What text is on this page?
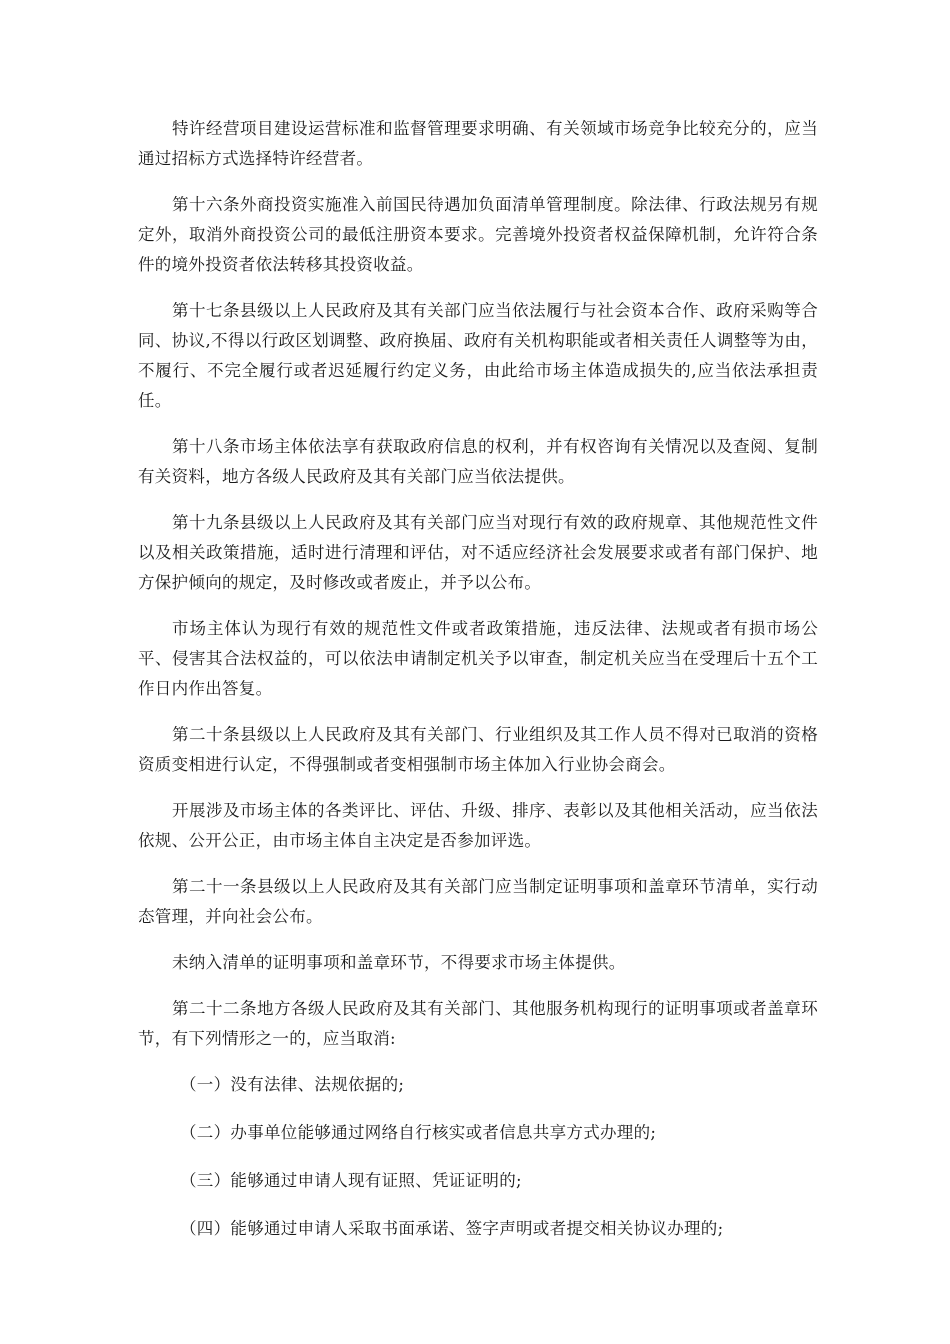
特许经营项目建设运营标准和监督管理要求明确、有关领域市场竞争比较充分的，应当通过招标方式选择特许经营者。

第十六条外商投资实施准入前国民待遇加负面清单管理制度。除法律、行政法规另有规定外，取消外商投资公司的最低注册资本要求。完善境外投资者权益保障机制，允许符合条件的境外投资者依法转移其投资收益。

第十七条县级以上人民政府及其有关部门应当依法履行与社会资本合作、政府采购等合同、协议,不得以行政区划调整、政府换届、政府有关机构职能或者相关责任人调整等为由，不履行、不完全履行或者迟延履行约定义务，由此给市场主体造成损失的,应当依法承担责任。

第十八条市场主体依法享有获取政府信息的权利，并有权咨询有关情况以及查阅、复制有关资料，地方各级人民政府及其有关部门应当依法提供。

第十九条县级以上人民政府及其有关部门应当对现行有效的政府规章、其他规范性文件以及相关政策措施，适时进行清理和评估，对不适应经济社会发展要求或者有部门保护、地方保护倾向的规定，及时修改或者废止，并予以公布。

市场主体认为现行有效的规范性文件或者政策措施，违反法律、法规或者有损市场公平、侵害其合法权益的，可以依法申请制定机关予以审查，制定机关应当在受理后十五个工作日内作出答复。

第二十条县级以上人民政府及其有关部门、行业组织及其工作人员不得对已取消的资格资质变相进行认定，不得强制或者变相强制市场主体加入行业协会商会。

开展涉及市场主体的各类评比、评估、升级、排序、表彰以及其他相关活动，应当依法依规、公开公正，由市场主体自主决定是否参加评选。

第二十一条县级以上人民政府及其有关部门应当制定证明事项和盖章环节清单，实行动态管理，并向社会公布。

未纳入清单的证明事项和盖章环节，不得要求市场主体提供。

第二十二条地方各级人民政府及其有关部门、其他服务机构现行的证明事项或者盖章环节，有下列情形之一的，应当取消:

（一）没有法律、法规依据的;

（二）办事单位能够通过网络自行核实或者信息共享方式办理的;

（三）能够通过申请人现有证照、凭证证明的;

（四）能够通过申请人采取书面承诺、签字声明或者提交相关协议办理的;
